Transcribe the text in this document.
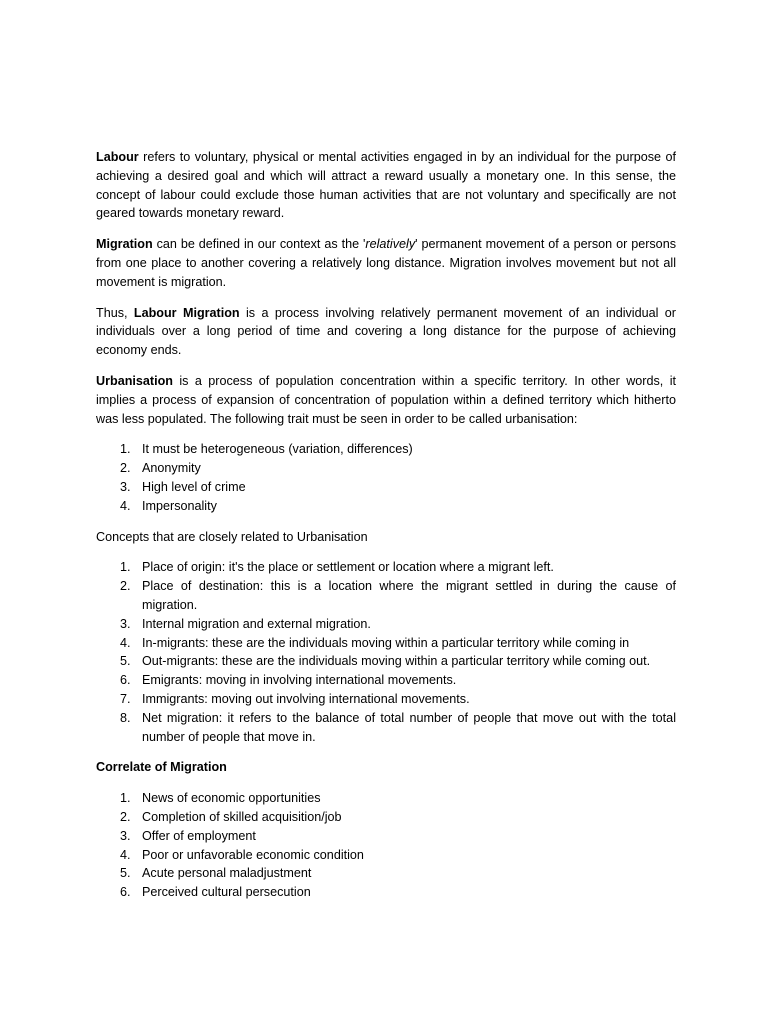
Labour refers to voluntary, physical or mental activities engaged in by an individual for the purpose of achieving a desired goal and which will attract a reward usually a monetary one. In this sense, the concept of labour could exclude those human activities that are not voluntary and specifically are not geared towards monetary reward.

Migration can be defined in our context as the 'relatively' permanent movement of a person or persons from one place to another covering a relatively long distance. Migration involves movement but not all movement is migration.

Thus, Labour Migration is a process involving relatively permanent movement of an individual or individuals over a long period of time and covering a long distance for the purpose of achieving economy ends.

Urbanisation is a process of population concentration within a specific territory. In other words, it implies a process of expansion of concentration of population within a defined territory which hitherto was less populated. The following trait must be seen in order to be called urbanisation:

1. It must be heterogeneous (variation, differences)
2. Anonymity
3. High level of crime
4. Impersonality

Concepts that are closely related to Urbanisation

1. Place of origin: it's the place or settlement or location where a migrant left.
2. Place of destination: this is a location where the migrant settled in during the cause of migration.
3. Internal migration and external migration.
4. In-migrants: these are the individuals moving within a particular territory while coming in
5. Out-migrants: these are the individuals moving within a particular territory while coming out.
6. Emigrants: moving in involving international movements.
7. Immigrants: moving out involving international movements.
8. Net migration: it refers to the balance of total number of people that move out with the total number of people that move in.

Correlate of Migration

1. News of economic opportunities
2. Completion of skilled acquisition/job
3. Offer of employment
4. Poor or unfavorable economic condition
5. Acute personal maladjustment
6. Perceived cultural persecution
